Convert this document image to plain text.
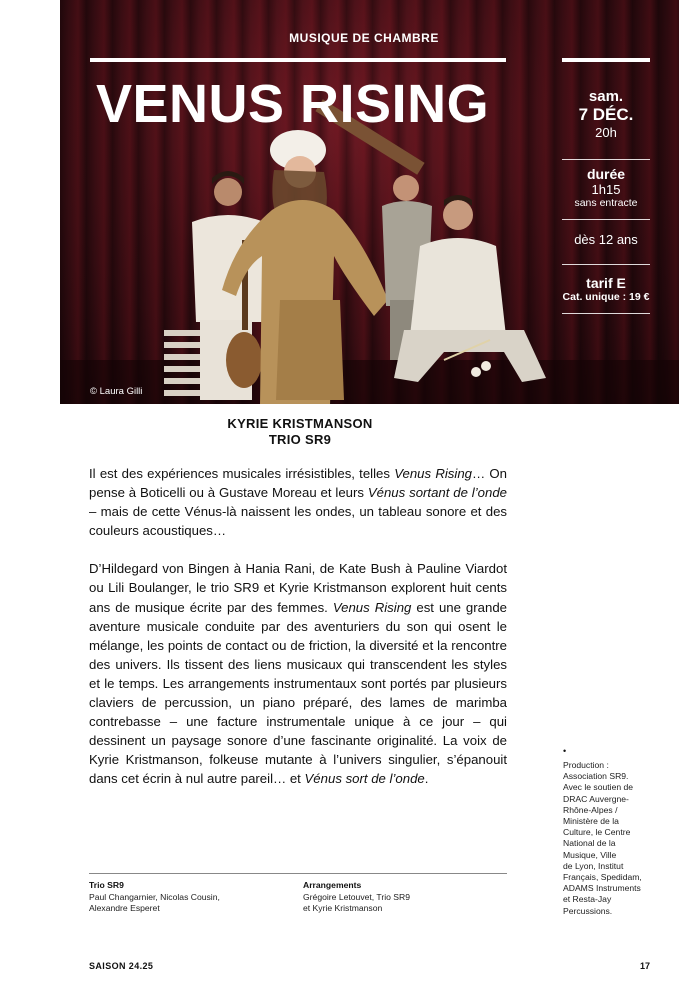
MUSIQUE DE CHAMBRE
VENUS RISING	sam.
7 DÉC.
20h
durée
1h15
sans entracte
dès 12 ans
tarif E
Cat. unique : 19 €
© Laura Gilli
KYRIE KRISTMANSON
TRIO SR9

Il est des expériences musicales irrésistibles, telles Venus Rising… On pense à Boticelli ou à Gustave Moreau et leurs Vénus sortant de l’onde – mais de cette Vénus-là naissent les ondes, un tableau sonore et des couleurs acoustiques…

D’Hildegard von Bingen à Hania Rani, de Kate Bush à Pauline Viardot ou Lili Boulanger, le trio SR9 et Kyrie Kristmanson explorent huit cents ans de musique écrite par des femmes. Venus Rising est une grande aventure musicale conduite par des aventuriers du son qui osent le mélange, les points de contact ou de friction, la diversité et la rencontre des univers. Ils tissent des liens musicaux qui transcendent les styles et le temps. Les arrangements instrumentaux sont portés par plusieurs claviers de percussion, un piano préparé, des lames de marimba contrebasse – une facture instrumentale unique à ce jour – qui dessinent un paysage sonore d’une fascinante originalité. La voix de Kyrie Kristmanson, folkeuse mutante à l’univers singulier, s’épanouit dans cet écrin à nul autre pareil… et Vénus sort de l’onde.

•
Production :
Association SR9.
Avec le soutien de
DRAC Auvergne-
Rhône-Alpes /
Ministère de la
Culture, le Centre
National de la
Musique, Ville
de Lyon, Institut
Français, Spedidam,
ADAMS Instruments
et Resta-Jay
Percussions.
Trio SR9
Paul Changarnier, Nicolas Cousin,
Alexandre Esperet
Arrangements
Grégoire Letouvet, Trio SR9
et Kyrie Kristmanson
SAISON 24.25	17
